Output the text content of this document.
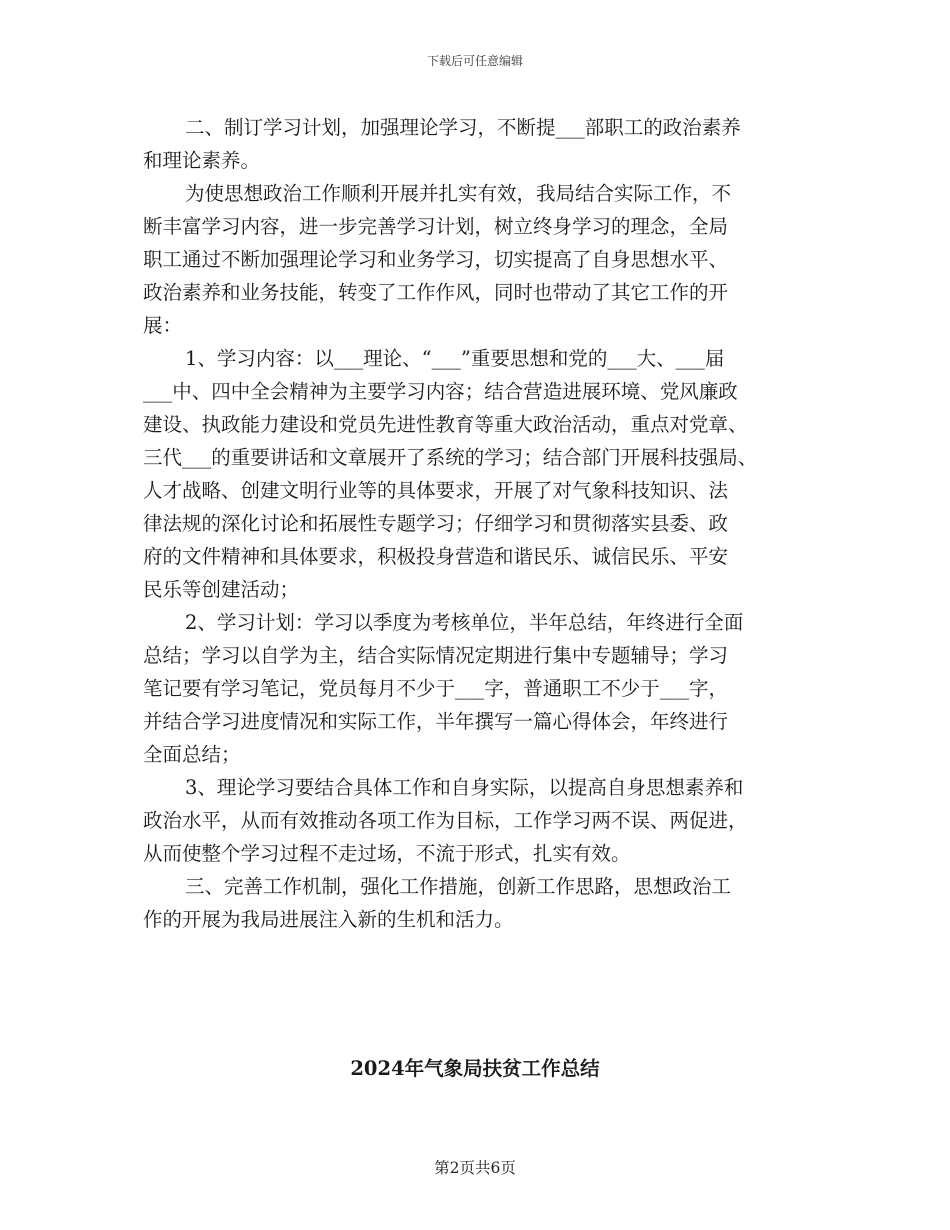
下载后可任意编辑

二、制订学习计划，加强理论学习，不断提___部职工的政治素养
和理论素养。

为使思想政治工作顺利开展并扎实有效，我局结合实际工作，不
断丰富学习内容，进一步完善学习计划，树立终身学习的理念，全局
职工通过不断加强理论学习和业务学习，切实提高了自身思想水平、
政治素养和业务技能，转变了工作作风，同时也带动了其它工作的开
展：

1、学习内容：以___理论、“___”重要思想和党的___大、___届
___中、四中全会精神为主要学习内容；结合营造进展环境、党风廉政
建设、执政能力建设和党员先进性教育等重大政治活动，重点对党章、
三代___的重要讲话和文章展开了系统的学习；结合部门开展科技强局、
人才战略、创建文明行业等的具体要求，开展了对气象科技知识、法
律法规的深化讨论和拓展性专题学习；仔细学习和贯彻落实县委、政
府的文件精神和具体要求，积极投身营造和谐民乐、诚信民乐、平安
民乐等创建活动；

2、学习计划：学习以季度为考核单位，半年总结，年终进行全面
总结；学习以自学为主，结合实际情况定期进行集中专题辅导；学习
笔记要有学习笔记，党员每月不少于___字，普通职工不少于___字，
并结合学习进度情况和实际工作，半年撰写一篇心得体会，年终进行
全面总结；

3、理论学习要结合具体工作和自身实际，以提高自身思想素养和
政治水平，从而有效推动各项工作为目标，工作学习两不误、两促进，
从而使整个学习过程不走过场，不流于形式，扎实有效。

三、完善工作机制，强化工作措施，创新工作思路，思想政治工
作的开展为我局进展注入新的生机和活力。

2024年气象局扶贫工作总结
第2页共6页
